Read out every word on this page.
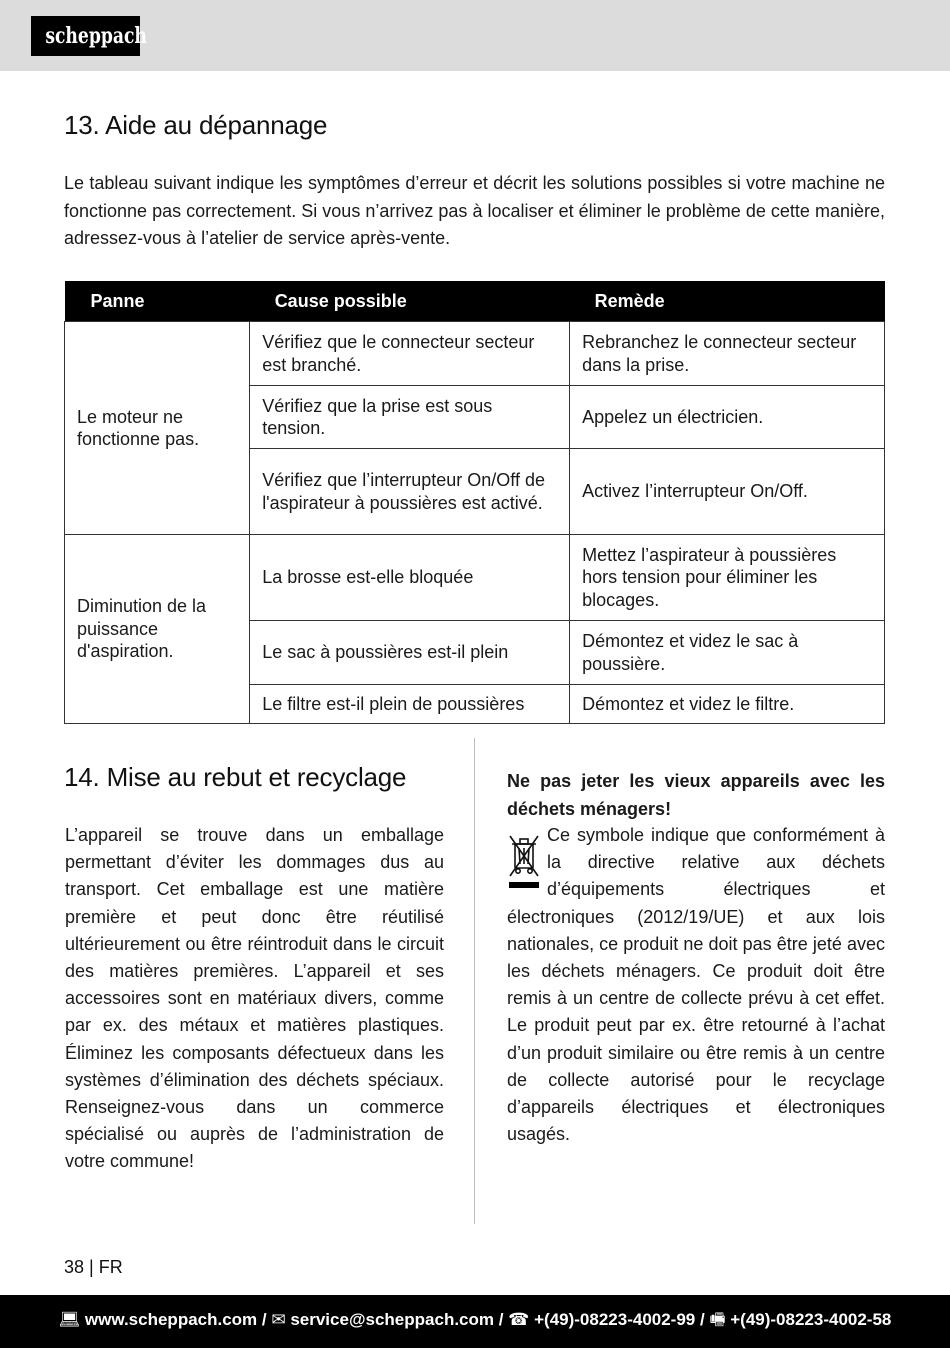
scheppach
13. Aide au dépannage

Le tableau suivant indique les symptômes d’erreur et décrit les solutions possibles si votre machine ne fonctionne pas correctement. Si vous n’arrivez pas à localiser et éliminer le problème de cette manière, adressez-vous à l’atelier de service après-vente.

Panne	Cause possible	Remède
Le moteur ne fonctionne pas.	Vérifiez que le connecteur secteur est branché.	Rebranchez le connecteur secteur dans la prise.
	Vérifiez que la prise est sous tension.	Appelez un électricien.
	Vérifiez que l’interrupteur On/Off de l'aspirateur à poussières est activé.	Activez l’interrupteur On/Off.
Diminution de la puissance d'aspiration.	La brosse est-elle bloquée	Mettez l’aspirateur à poussières hors tension pour éliminer les blocages.
	Le sac à poussières est-il plein	Démontez et videz le sac à poussière.
	Le filtre est-il plein de poussières	Démontez et videz le filtre.
14. Mise au rebut et recyclage

L’appareil se trouve dans un emballage permettant d’éviter les dommages dus au transport. Cet emballage est une matière première et peut donc être réutilisé ultérieurement ou être réintroduit dans le circuit des matières premières. L’appareil et ses accessoires sont en matériaux divers, comme par ex. des métaux et matières plastiques. Éliminez les composants défectueux dans les systèmes d’élimination des déchets spéciaux. Renseignez-vous dans un commerce spécialisé ou auprès de l’administration de votre commune!

Ne pas jeter les vieux appareils avec les déchets ménagers!

Ce symbole indique que conformément à la directive relative aux déchets d’équipements électriques et électroniques (2012/19/UE) et aux lois nationales, ce produit ne doit pas être jeté avec les déchets ménagers. Ce produit doit être remis à un centre de collecte prévu à cet effet. Le produit peut par ex. être retourné à l’achat d’un produit similaire ou être remis à un centre de collecte autorisé pour le recyclage d’appareils électriques et électroniques usagés.
38 | FR
💻︎ www.scheppach.com / ✉︎ service@scheppach.com / ☎︎ +(49)-08223-4002-99 / 🖷︎ +(49)-08223-4002-58
